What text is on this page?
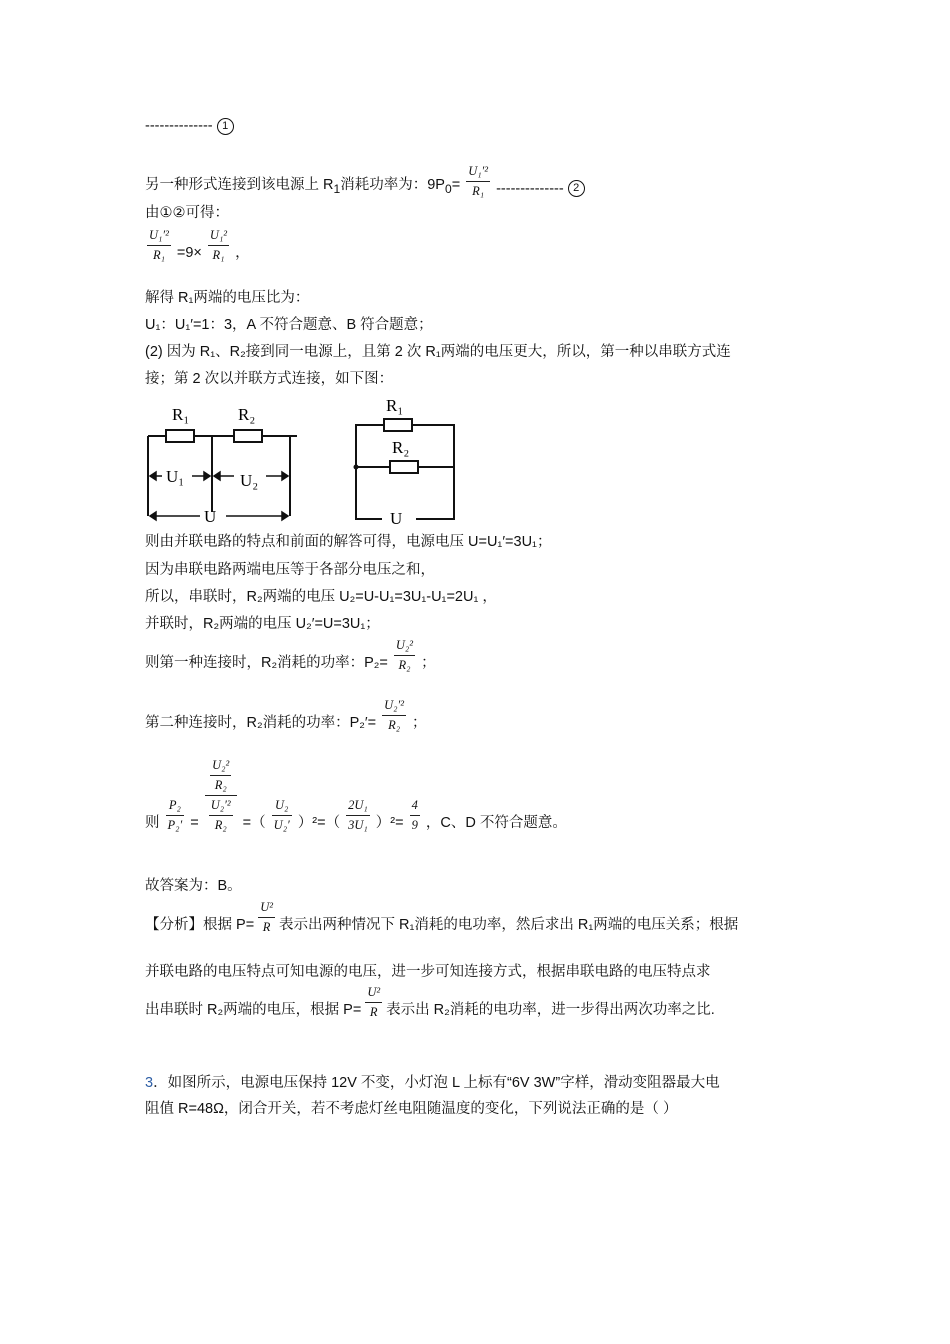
-------------- 1
另一种形式连接到该电源上 $R_1$消耗功率为：$9P_0= \frac{\text{U₁′²}}{\text{R₁}}$ -------------- 2
由①②可得：
$\frac{\text{U₁′²}}{\text{R₁}} =9\times \frac{\text{U₁²}}{\text{R₁}}$ ，
解得 R₁两端的电压比为：
U₁：U₁′=1：3，A 不符合题意、B 符合题意；
(2) 因为 R₁、R₂接到同一电源上，且第 2 次 R₁两端的电压更大，所以，第一种以串联方式连
接；第 2 次以并联方式连接，如下图：
R₁	R₂
U₁	U₂
U
R₁
R₂
U
则由并联电路的特点和前面的解答可得，电源电压 U=U₁′=3U₁；
因为串联电路两端电压等于各部分电压之和，
所以，串联时，R₂两端的电压 U₂=U-U₁=3U₁-U₁=2U₁ ，
并联时，R₂两端的电压 U₂′=U=3U₁；
则第一种连接时，R₂消耗的功率：$P_2= \frac{\text{U₂²}}{\text{R₂}}$ ；
第二种连接时，R₂消耗的功率：$P_2'= \frac{\text{U₂′²}}{\text{R₂}}$ ；
则 $\frac{\text{P₂}}{\text{P₂′}} = \frac{\frac{\text{U₂²}}{\text{R₂}}}{\frac{\text{U₂′²}}{\text{R₂}}}$ =（ $\frac{\text{U₂}}{\text{U₂′}} )^2=( \frac{\text{2U₁}}{\text{3U₁}} )^2= \frac{4}{9}$ ，C、D 不符合题意。
故答案为：B。
【分析】根据 $P= \frac{\text{U²}}{R}$ 表示出两种情况下 R₁消耗的电功率，然后求出 R₁两端的电压关系；根据
并联电路的电压特点可知电源的电压，进一步可知连接方式，根据串联电路的电压特点求
出串联时 R₂两端的电压，根据 $P= \frac{\text{U²}}{R}$ 表示出 R₂消耗的电功率，进一步得出两次功率之比.
3．如图所示，电源电压保持 12V 不变，小灯泡 L 上标有“6V 3W”字样，滑动变阻器最大电
阻值 R=48Ω，闭合开关，若不考虑灯丝电阻随温度的变化，下列说法正确的是（ ）
